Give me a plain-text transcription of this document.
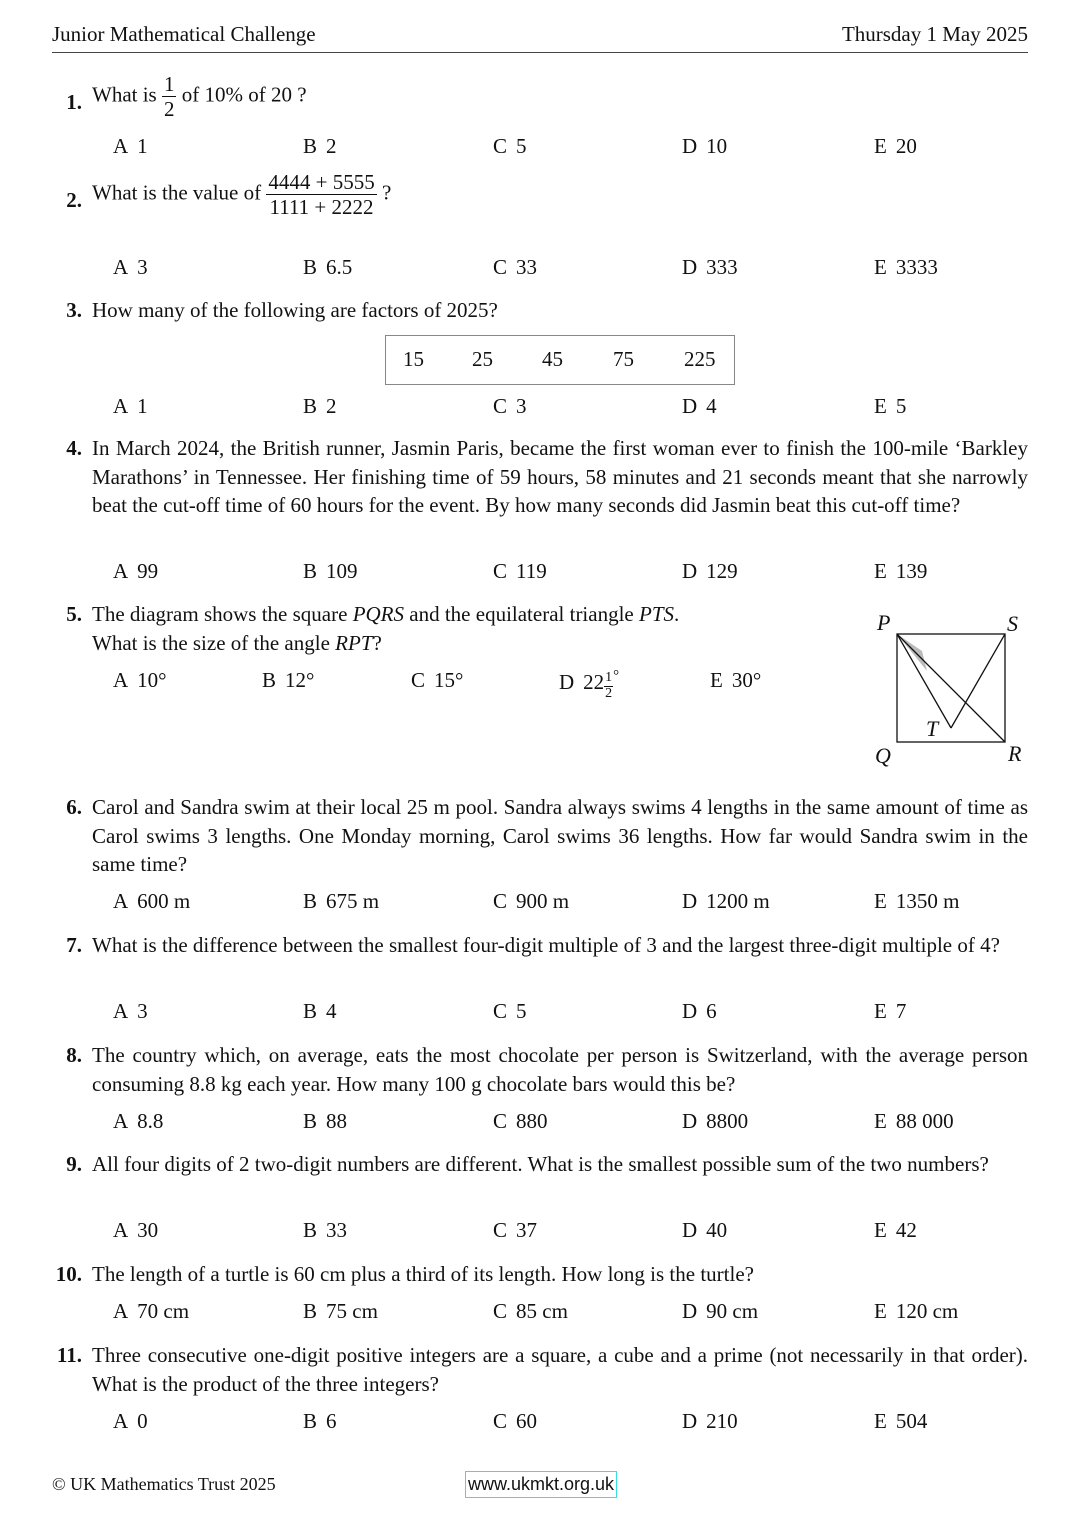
Junior Mathematical Challenge	Thursday 1 May 2025
1. What is $\frac{1}{2}$ of 10% of 20 ?
A 1	B 2	C 5	D 10	E 20
2. What is the value of $\frac{4444 + 5555}{1111 + 2222}$ ?
A 3	B 6.5	C 33	D 333	E 3333
3. How many of the following are factors of 2025?
15 25 45 75 225
A 1	B 2	C 3	D 4	E 5
4. In March 2024, the British runner, Jasmin Paris, became the first woman ever to finish the 100-mile ‘Barkley Marathons’ in Tennessee. Her finishing time of 59 hours, 58 minutes and 21 seconds meant that she narrowly beat the cut-off time of 60 hours for the event. By how many seconds did Jasmin beat this cut-off time?
A 99	B 109	C 119	D 129	E 139
5. The diagram shows the square PQRS and the equilateral triangle PTS.
What is the size of the angle RPT?
A 10°	B 12°	C 15°	D $22 \frac{1}{2} ^\circ$	E 30°
P	S
Q	R
T
6. Carol and Sandra swim at their local 25 m pool. Sandra always swims 4 lengths in the same amount of time as Carol swims 3 lengths. One Monday morning, Carol swims 36 lengths. How far would Sandra swim in the same time?
A 600 m	B 675 m	C 900 m	D 1200 m	E 1350 m
7. What is the difference between the smallest four-digit multiple of 3 and the largest three-digit multiple of 4?
A 3	B 4	C 5	D 6	E 7
8. The country which, on average, eats the most chocolate per person is Switzerland, with the average person consuming 8.8 kg each year. How many 100 g chocolate bars would this be?
A 8.8	B 88	C 880	D 8800	E 88 000
9. All four digits of 2 two-digit numbers are different. What is the smallest possible sum of the two numbers?
A 30	B 33	C 37	D 40	E 42
10. The length of a turtle is 60 cm plus a third of its length. How long is the turtle?
A 70 cm	B 75 cm	C 85 cm	D 90 cm	E 120 cm
11. Three consecutive one-digit positive integers are a square, a cube and a prime (not necessarily in that order). What is the product of the three integers?
A 0	B 6	C 60	D 210	E 504
© UK Mathematics Trust 2025	www.ukmkt.org.uk
